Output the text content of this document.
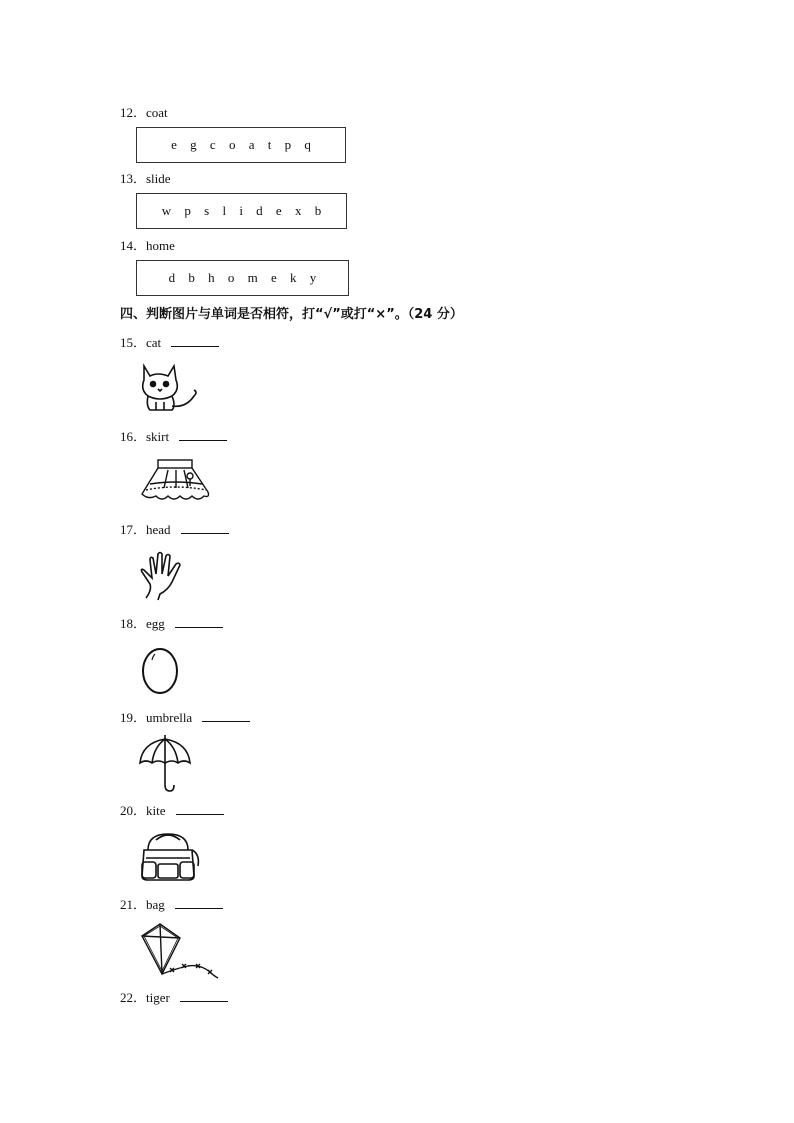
12．coat
e g c o a t p q
13．slide
w p s l i d e x b
14．home
d b h o m e k y
四、判断图片与单词是否相符，打“√”或打“×”。（24 分）
15．cat
16．skirt
17．head
18．egg
19．umbrella
20．kite
21．bag
22．tiger
